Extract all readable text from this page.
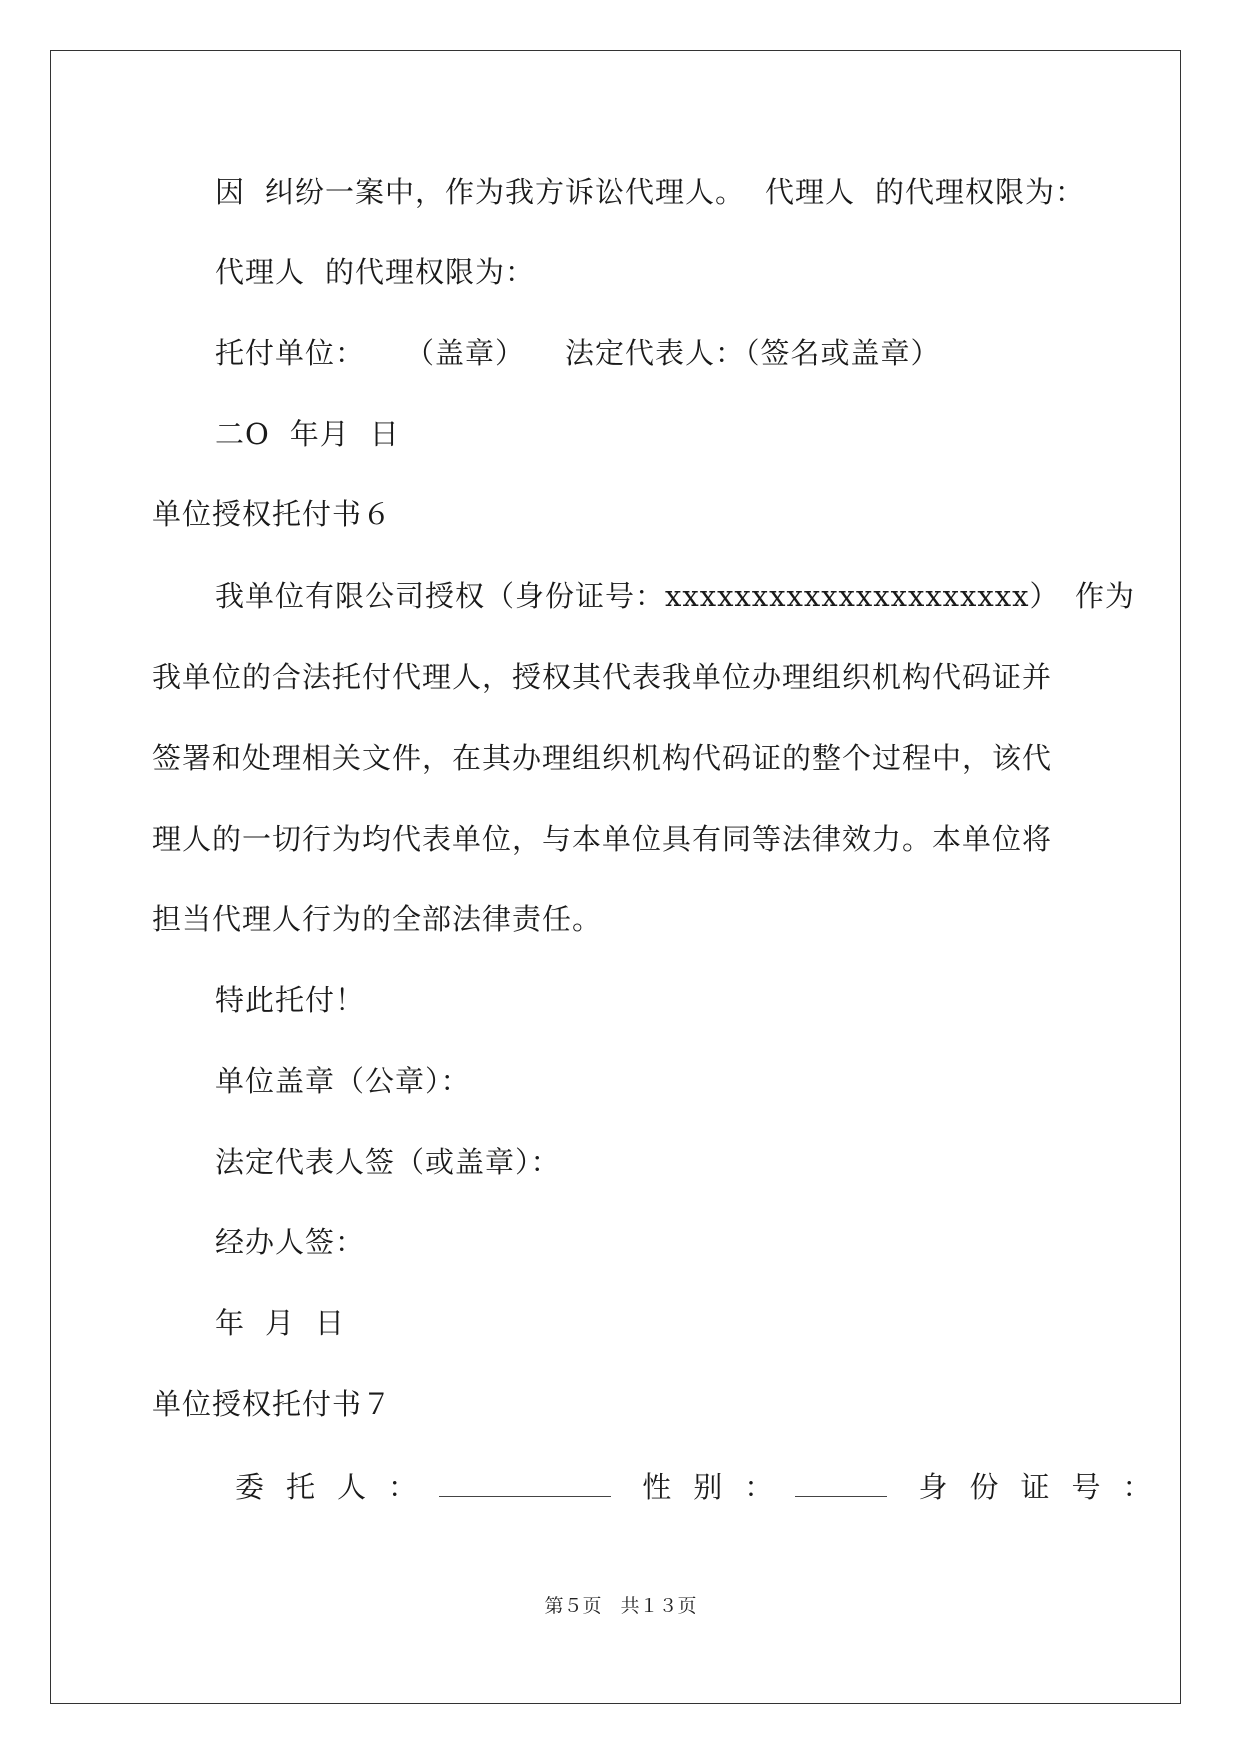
因 纠纷一案中，作为我方诉讼代理人。 代理人 的代理权限为：
代理人 的代理权限为：
托付单位： （盖章） 法定代表人：（签名或盖章）
二O 年月 日
单位授权托付书６
我单位有限公司授权（身份证号：xxxxxxxxxxxxxxxxxxxxx）　作为
我单位的合法托付代理人，授权其代表我单位办理组织机构代码证并
签署和处理相关文件，在其办理组织机构代码证的整个过程中，该代
理人的一切行为均代表单位，与本单位具有同等法律效力。本单位将
担当代理人行为的全部法律责任。
特此托付！
单位盖章（公章）：
法定代表人签（或盖章）：
经办人签：
年 月 日
单位授权托付书７
委托人：	性别：	身份证号：
第５页　共１３页
